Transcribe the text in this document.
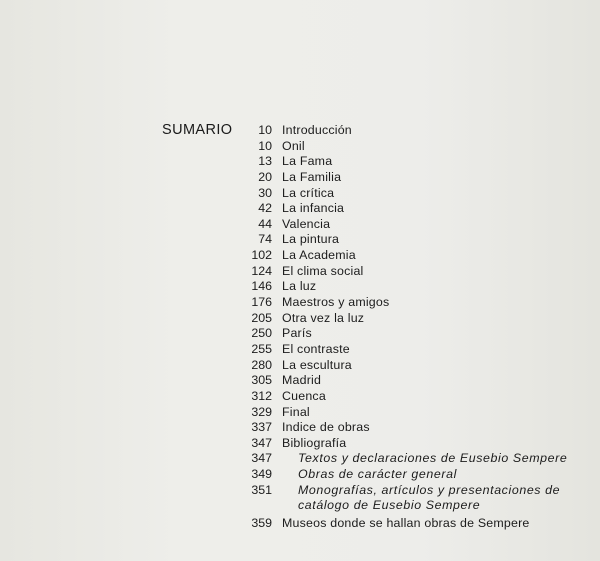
SUMARIO	10 Introducción
10 Onil
13 La Fama
20 La Familia
30 La crítica
42 La infancia
44 Valencia
74 La pintura
102 La Academia
124 El clima social
146 La luz
176 Maestros y amigos
205 Otra vez la luz
250 París
255 El contraste
280 La escultura
305 Madrid
312 Cuenca
329 Final
337 Indice de obras
347 Bibliografía
347 Textos y declaraciones de Eusebio Sempere
349 Obras de carácter general
351 Monografías, artículos y presentaciones de
catálogo de Eusebio Sempere
359 Museos donde se hallan obras de Sempere
